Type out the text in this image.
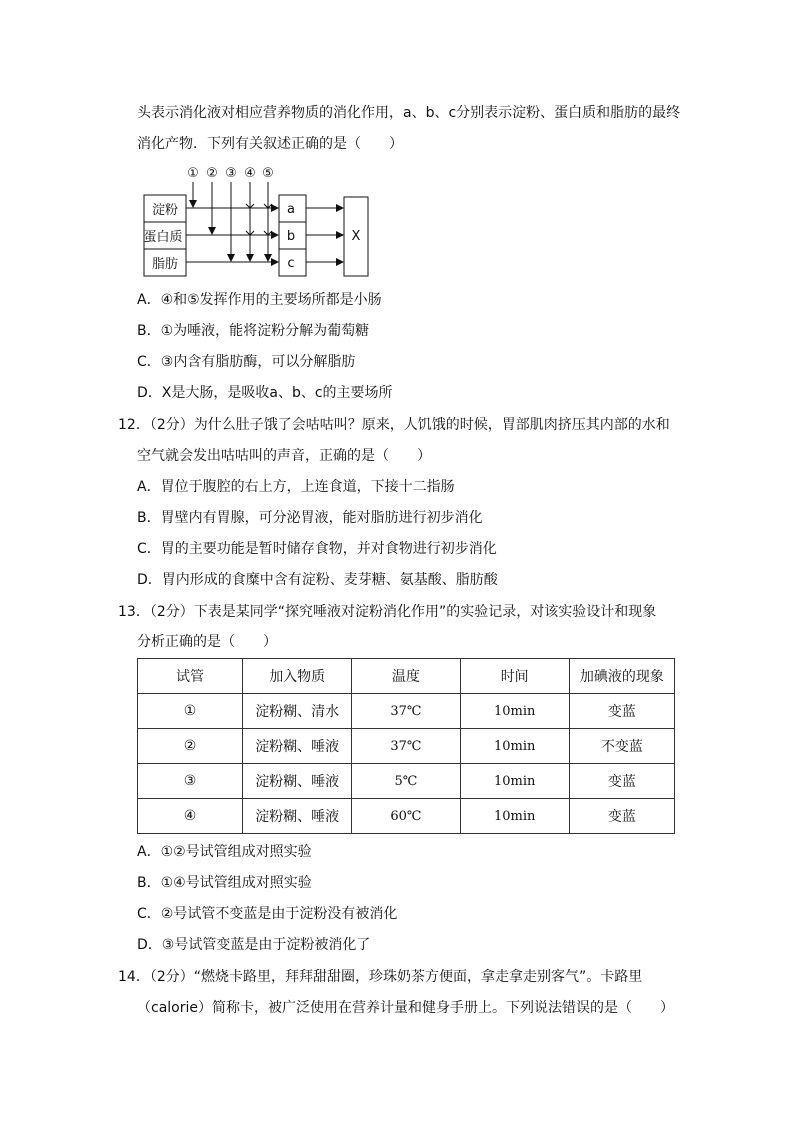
头表示消化液对相应营养物质的消化作用，a、b、c分别表示淀粉、蛋白质和脂肪的最终
消化产物．下列有关叙述正确的是（　　）
① ② ③ ④ ⑤
淀粉
蛋白质
脂肪
a
b
c
X
A．④和⑤发挥作用的主要场所都是小肠
B．①为唾液，能将淀粉分解为葡萄糖
C．③内含有脂肪酶，可以分解脂肪
D．X是大肠，是吸收a、b、c的主要场所
12．（2分）为什么肚子饿了会咕咕叫？原来，人饥饿的时候，胃部肌肉挤压其内部的水和
空气就会发出咕咕叫的声音，正确的是（　　）
A．胃位于腹腔的右上方，上连食道，下接十二指肠
B．胃壁内有胃腺，可分泌胃液，能对脂肪进行初步消化
C．胃的主要功能是暂时储存食物，并对食物进行初步消化
D．胃内形成的食糜中含有淀粉、麦芽糖、氨基酸、脂肪酸
13．（2分）下表是某同学“探究唾液对淀粉消化作用”的实验记录，对该实验设计和现象
分析正确的是（　　）
试管	加入物质	温度	时间	加碘液的现象
①	淀粉糊、清水	37℃	10min	变蓝
②	淀粉糊、唾液	37℃	10min	不变蓝
③	淀粉糊、唾液	5℃	10min	变蓝
④	淀粉糊、唾液	60℃	10min	变蓝
A．①②号试管组成对照实验
B．①④号试管组成对照实验
C．②号试管不变蓝是由于淀粉没有被消化
D．③号试管变蓝是由于淀粉被消化了
14．（2分）“燃烧卡路里，拜拜甜甜圈，珍珠奶茶方便面，拿走拿走别客气”。卡路里
（calorie）简称卡，被广泛使用在营养计量和健身手册上。下列说法错误的是（　　）
